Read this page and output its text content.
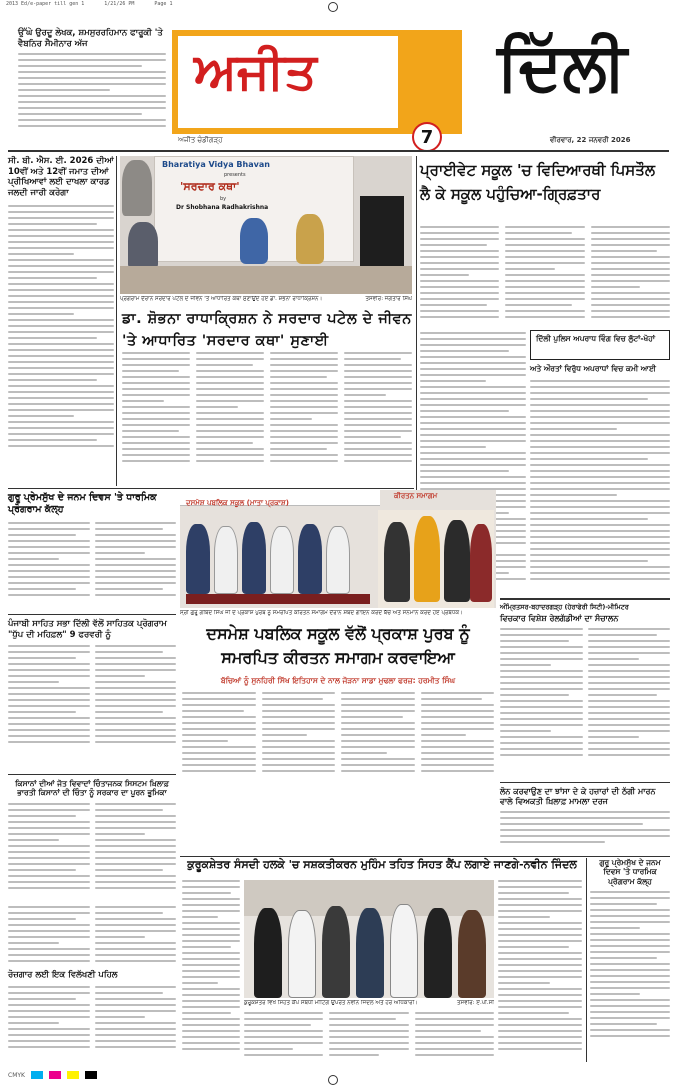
2013 Ed/e-paper till gen 1	1/21/26 PM	Page 1
ਉੱਘੇ ਉਰਦੂ ਲੇਖਕ, ਸ਼ਮਸੁਰਰਹਿਮਾਨ ਫਾਰੂਕੀ 'ਤੇ ਵੈਬਨਿਰ ਸੈਮੀਨਾਰ ਅੱਜ	ਅਜੀਤ	ਦਿੱਲੀ
7
ਅਜੀਤ ਚੰਡੀਗੜ੍ਹ	ਵੀਰਵਾਰ, 22 ਜਨਵਰੀ 2026
ਸੀ. ਬੀ. ਐਸ. ਈ. 2026 ਦੀਆਂ 10ਵੀਂ ਅਤੇ 12ਵੀਂ ਜਮਾਤ ਦੀਆਂ ਪ੍ਰੀਖਿਆਵਾਂ ਲਈ ਦਾਖਲਾ ਕਾਰਡ ਜਲਦੀ ਜਾਰੀ ਕਰੇਗਾ
Bharatiya Vidya Bhavan
presents
'ਸਰਦਾਰ ਕਥਾ'
by
Dr Shobhana Radhakrishna
ਪ੍ਰੋਗਰਾਮ ਦੌਰਾਨ ਸਰਦਾਰ ਪਟੇਲ ਦੇ ਜੀਵਨ 'ਤੇ ਆਧਾਰਿਤ ਕਥਾ ਸੁਣਾਉਂਦੇ ਹੋਏ ਡਾ. ਸ਼ੋਭਨਾ ਰਾਧਾਕ੍ਰਿਸ਼ਨ।	ਤਸਵੀਰ: ਜਗਤਾਰ ਸਿੰਘ
ਡਾ. ਸ਼ੋਭਨਾ ਰਾਧਾਕ੍ਰਿਸ਼ਨ ਨੇ ਸਰਦਾਰ ਪਟੇਲ ਦੇ ਜੀਵਨ 'ਤੇ ਆਧਾਰਿਤ 'ਸਰਦਾਰ ਕਥਾ' ਸੁਣਾਈ
ਪ੍ਰਾਈਵੇਟ ਸਕੂਲ 'ਚ ਵਿਦਿਆਰਥੀ ਪਿਸਤੌਲ ਲੈ ਕੇ ਸਕੂਲ ਪਹੁੰਚਿਆ-ਗ੍ਰਿਫ਼ਤਾਰ
ਦਿੱਲੀ ਪੁਲਿਸ ਅਪਰਾਧ ਵਿੰਗ ਵਿਚ ਲੁੱਟਾਂ-ਖੋਹਾਂ
ਅਤੇ ਔਰਤਾਂ ਵਿਰੁੱਧ ਅਪਰਾਧਾਂ ਵਿਚ ਕਮੀ ਆਈ
ਗੁਰੂ ਪ੍ਰੇਮਸੁੱਖ ਦੇ ਜਨਮ ਦਿਵਸ 'ਤੇ ਧਾਰਮਿਕ ਪ੍ਰੋਗਰਾਮ ਕੱਲ੍ਹ
ਦਸਮੇਸ਼ ਪਬਲਿਕ ਸਕੂਲ (ਮਾਤਾ ਪ੍ਰਕਾਸ਼)
ਕੀਰਤਨ ਸਮਾਗਮ
ਸ੍ਰੀ ਗੁਰੂ ਗੋਬਿੰਦ ਸਿੰਘ ਜੀ ਦੇ ਪ੍ਰਕਾਸ਼ ਪੁਰਬ ਨੂੰ ਸਮਰਪਿਤ ਕੀਰਤਨ ਸਮਾਗਮ ਦੌਰਾਨ ਸ਼ਬਦ ਗਾਇਨ ਕਰਦੇ ਬੱਚੇ ਅਤੇ ਸਨਮਾਨ ਕਰਦੇ ਹੋਏ ਪ੍ਰਬੰਧਕ।
ਅੰਮ੍ਰਿਤਸਰ-ਬਹਾਦਰਗੜ੍ਹ (ਹੇਰਾਫੇਰੀ ਸਿਟੀ)-ਮੀਮਿਟਰ
ਵਿਚਕਾਰ ਵਿਸ਼ੇਸ਼ ਰੇਲਗੱਡੀਆਂ ਦਾ ਸੰਚਾਲਨ
ਪੰਜਾਬੀ ਸਾਹਿਤ ਸਭਾ ਦਿੱਲੀ ਵੱਲੋਂ ਸਾਹਿਤਕ ਪ੍ਰੋਗਰਾਮ "ਧੁੱਪ ਦੀ ਮਹਿਫ਼ਲ" 9 ਫਰਵਰੀ ਨੂੰ	ਦਸਮੇਸ਼ ਪਬਲਿਕ ਸਕੂਲ ਵੱਲੋਂ ਪ੍ਰਕਾਸ਼ ਪੁਰਬ ਨੂੰ ਸਮਰਪਿਤ ਕੀਰਤਨ ਸਮਾਗਮ ਕਰਵਾਇਆ
ਬੱਚਿਆਂ ਨੂੰ ਸੁਨਹਿਰੀ ਸਿੱਖ ਇਤਿਹਾਸ ਦੇ ਨਾਲ ਜੋੜਨਾ ਸਾਡਾ ਮੁਢਲਾ ਫਰਜ਼: ਹਰਮੀਤ ਸਿੰਘ
ਕਿਸਾਨਾਂ ਦੀਆਂ ਜੋਤ ਵਿਵਾਦਾਂ ਚਿੰਤਾਜਨਕ ਸਿਸਟਮ ਖ਼ਿਲਾਫ਼ ਭਾਰਤੀ ਕਿਸਾਨਾਂ ਦੀ ਚਿੰਤਾ ਨੂੰ ਸਰਕਾਰ ਦਾ ਪੂਰਨ ਭੂਮਿਕਾ	ਲੋਨ ਕਰਵਾਉਣ ਦਾ ਝਾਂਸਾ ਦੇ ਕੇ ਹਜ਼ਾਰਾਂ ਦੀ ਠੱਗੀ ਮਾਰਨ ਵਾਲੇ ਵਿਅਕਤੀ ਖ਼ਿਲਾਫ਼ ਮਾਮਲਾ ਦਰਜ
ਕੁਰੂਕਸ਼ੇਤਰ ਸੰਸਦੀ ਹਲਕੇ 'ਚ ਸਸ਼ਕਤੀਕਰਨ ਮੁਹਿੰਮ ਤਹਿਤ ਸਿਹਤ ਕੈਂਪ ਲਗਾਏ ਜਾਣਗੇ-ਨਵੀਨ ਜਿੰਦਲ
ਕੁਰੂਕਸ਼ੇਤਰ ਵਿਖੇ ਸਿਹਤ ਕੈਂਪ ਸੰਬੰਧੀ ਮੀਟਿੰਗ ਉਪਰੰਤ ਨਵੀਨ ਜਿੰਦਲ ਅਤੇ ਹੋਰ ਅਧਿਕਾਰੀ।	ਤਸਵੀਰ: ਏ.ਪੀ.ਸੀ
ਗੁਰੂ ਪ੍ਰੇਮਸੁੱਖ ਦੇ ਜਨਮ ਦਿਵਸ 'ਤੇ ਧਾਰਮਿਕ ਪ੍ਰੋਗਰਾਮ ਕੱਲ੍ਹ
ਰੋਜ਼ਗਾਰ ਲਈ ਇਕ ਵਿਲੱਖਣੀ ਪਹਿਲ
CMYK
